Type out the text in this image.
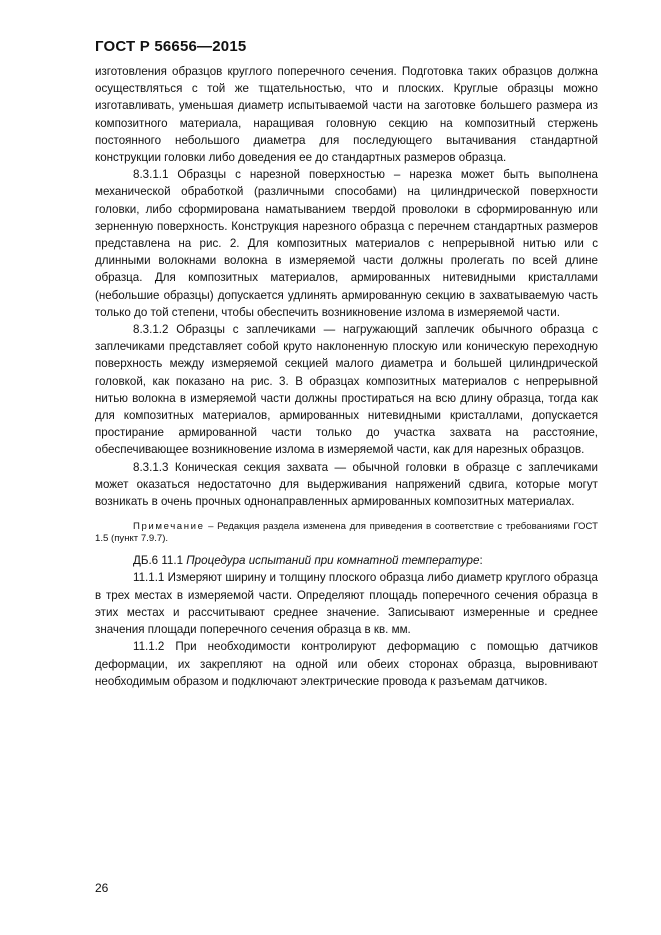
ГОСТ Р 56656—2015

изготовления образцов круглого поперечного сечения. Подготовка таких образцов должна осуществляться с той же тщательностью, что и плоских. Круглые образцы можно изготавливать, уменьшая диаметр испытываемой части на заготовке большего размера из композитного материала, наращивая головную секцию на композитный стержень постоянного небольшого диаметра для последующего вытачивания стандартной конструкции головки либо доведения ее до стандартных размеров образца.

8.3.1.1 Образцы с нарезной поверхностью – нарезка может быть выполнена механической обработкой (различными способами) на цилиндрической поверхности головки, либо сформирована наматыванием твердой проволоки в сформированную или зерненную поверхность. Конструкция нарезного образца с перечнем стандартных размеров представлена на рис. 2. Для композитных материалов с непрерывной нитью или с длинными волокнами волокна в измеряемой части должны пролегать по всей длине образца. Для композитных материалов, армированных нитевидными кристаллами (небольшие образцы) допускается удлинять армированную секцию в захватываемую часть только до той степени, чтобы обеспечить возникновение излома в измеряемой части.

8.3.1.2 Образцы с заплечиками — нагружающий заплечик обычного образца с заплечиками представляет собой круто наклоненную плоскую или коническую переходную поверхность между измеряемой секцией малого диаметра и большей цилиндрической головкой, как показано на рис. 3. В образцах композитных материалов с непрерывной нитью волокна в измеряемой части должны простираться на всю длину образца, тогда как для композитных материалов, армированных нитевидными кристаллами, допускается простирание армированной части только до участка захвата на расстояние, обеспечивающее возникновение излома в измеряемой части, как для нарезных образцов.

8.3.1.3 Коническая секция захвата — обычной головки в образце с заплечиками может оказаться недостаточно для выдерживания напряжений сдвига, которые могут возникать в очень прочных однонаправленных армированных композитных материалах.

Примечание – Редакция раздела изменена для приведения в соответствие с требованиями ГОСТ 1.5 (пункт 7.9.7).

ДБ.6 11.1 Процедура испытаний при комнатной температуре:

11.1.1 Измеряют ширину и толщину плоского образца либо диаметр круглого образца в трех местах в измеряемой части. Определяют площадь поперечного сечения образца в этих местах и рассчитывают среднее значение. Записывают измеренные и среднее значения площади поперечного сечения образца в кв. мм.

11.1.2 При необходимости контролируют деформацию с помощью датчиков деформации, их закрепляют на одной или обеих сторонах образца, выровнивают необходимым образом и подключают электрические провода к разъемам датчиков.

26
